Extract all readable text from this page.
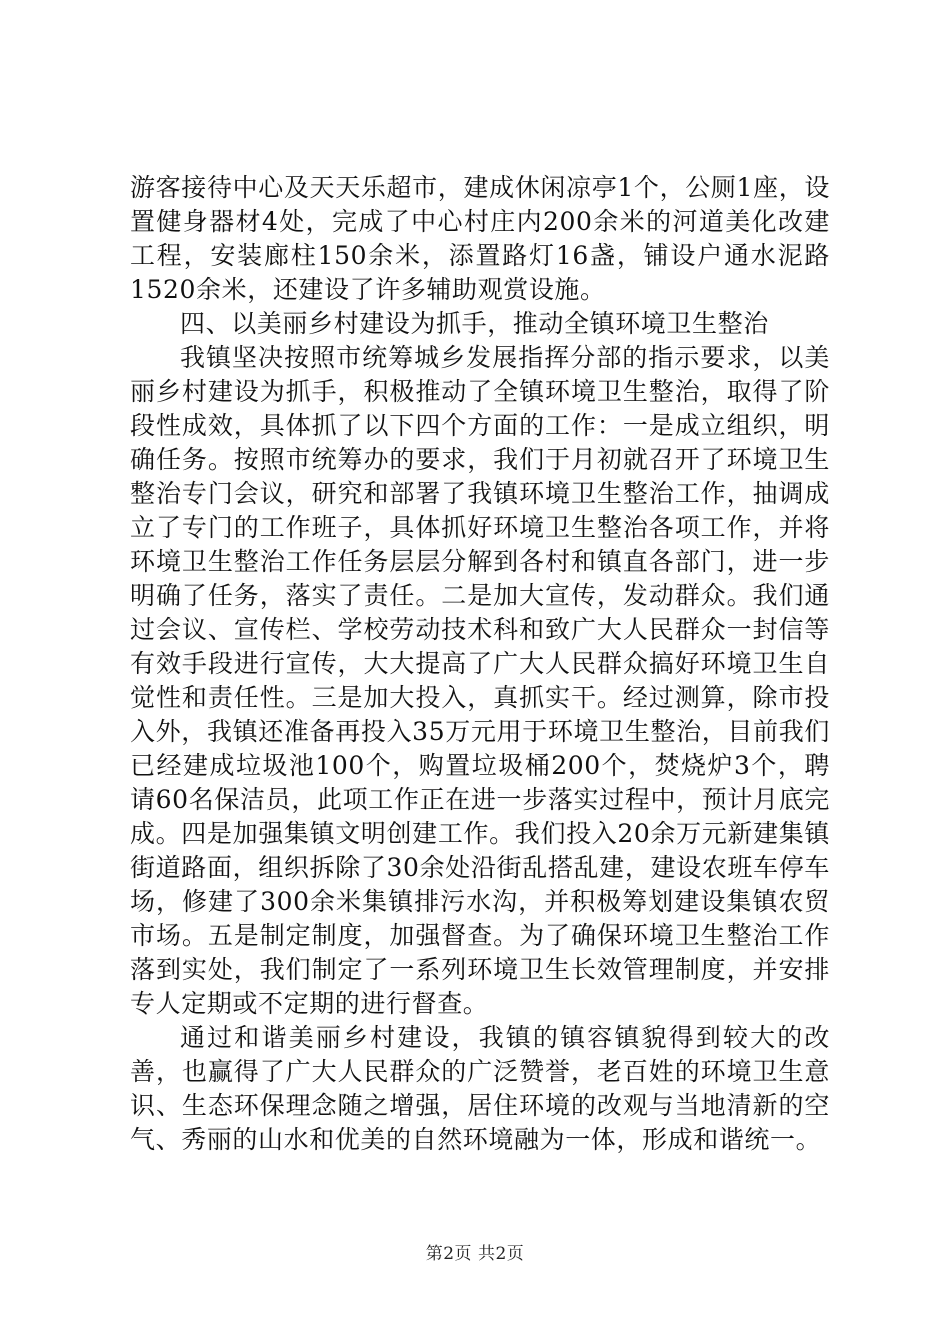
游客接待中心及天天乐超市，建成休闲凉亭1个，公厕1座，设置健身器材4处，完成了中心村庄内200余米的河道美化改建工程，安装廊柱150余米，添置路灯16盏，铺设户通水泥路1520余米，还建设了许多辅助观赏设施。

四、以美丽乡村建设为抓手，推动全镇环境卫生整治

我镇坚决按照市统筹城乡发展指挥分部的指示要求，以美丽乡村建设为抓手，积极推动了全镇环境卫生整治，取得了阶段性成效，具体抓了以下四个方面的工作：一是成立组织，明确任务。按照市统筹办的要求，我们于月初就召开了环境卫生整治专门会议，研究和部署了我镇环境卫生整治工作，抽调成立了专门的工作班子，具体抓好环境卫生整治各项工作，并将环境卫生整治工作任务层层分解到各村和镇直各部门，进一步明确了任务，落实了责任。二是加大宣传，发动群众。我们通过会议、宣传栏、学校劳动技术科和致广大人民群众一封信等有效手段进行宣传，大大提高了广大人民群众搞好环境卫生自觉性和责任性。三是加大投入，真抓实干。经过测算，除市投入外，我镇还准备再投入35万元用于环境卫生整治，目前我们已经建成垃圾池100个，购置垃圾桶200个，焚烧炉3个，聘请60名保洁员，此项工作正在进一步落实过程中，预计月底完成。四是加强集镇文明创建工作。我们投入20余万元新建集镇街道路面，组织拆除了30余处沿街乱搭乱建，建设农班车停车场，修建了300余米集镇排污水沟，并积极筹划建设集镇农贸市场。五是制定制度，加强督查。为了确保环境卫生整治工作落到实处，我们制定了一系列环境卫生长效管理制度，并安排专人定期或不定期的进行督查。

通过和谐美丽乡村建设，我镇的镇容镇貌得到较大的改善，也赢得了广大人民群众的广泛赞誉，老百姓的环境卫生意识、生态环保理念随之增强，居住环境的改观与当地清新的空气、秀丽的山水和优美的自然环境融为一体，形成和谐统一。

第2页 共2页
